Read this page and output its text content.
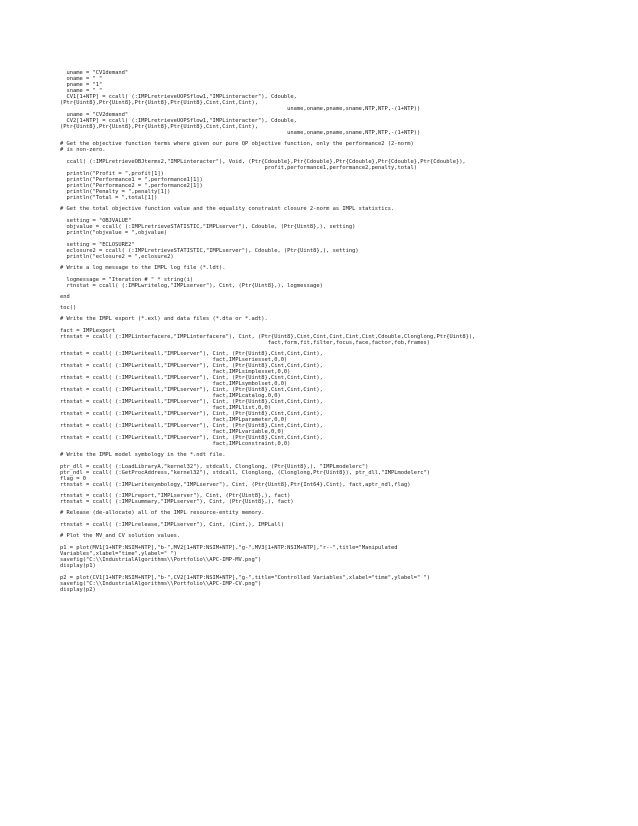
uname = "CV1demand"
oname = " "
pname = "1"
sname = " "
CV1[1+NTP] = ccall( (:IMPLretrieveUOPSflow1,"IMPLinteracter"), Cdouble,
(Ptr{Uint8},Ptr{Uint8},Ptr{Uint8},Ptr{Uint8},Cint,Cint,Cint),
uname,oname,pname,sname,NTP,NTP,-(1+NTP))
uname = "CV2demand"
CV2[1+NTP] = ccall( (:IMPLretrieveUOPSflow1,"IMPLinteracter"), Cdouble,
(Ptr{Uint8},Ptr{Uint8},Ptr{Uint8},Ptr{Uint8},Cint,Cint,Cint),
uname,oname,pname,sname,NTP,NTP,-(1+NTP))
# Get the objective function terms where given our pure QP objective function, only the performance2 (2-norm)
# is non-zero.
ccall( (:IMPLretrieveOBJterms2,"IMPLinteracter"), Void, (Ptr{Cdouble},Ptr{Cdouble},Ptr{Cdouble},Ptr{Cdouble},Ptr{Cdouble}),
profit,performance1,performance2,penalty,total)
println("Profit = ",profit[1])
println("Performance1 = ",performance1[1])
println("Performance2 = ",performance2[1])
println("Penalty = ",penalty[1])
println("Total = ",total[1])
# Get the total objective function value and the equality constraint closure 2-norm as IMPL statistics.
setting = "OBJVALUE"
objvalue = ccall( (:IMPLretrieveSTATISTIC,"IMPLserver"), Cdouble, (Ptr{Uint8},), setting)
println("objvalue = ",objvalue)
setting = "ECLOSURE2"
eclosure2 = ccall( (:IMPLretrieveSTATISTIC,"IMPLserver"), Cdouble, (Ptr{Uint8},), setting)
println("eclosure2 = ",eclosure2)
# Write a log message to the IMPL log file (*.ldt).
logmessage = "Iteration # " * string(i)
rtnstat = ccall( (:IMPLwritelog,"IMPLserver"), Cint, (Ptr{Uint8},), logmessage)
end
toc()
# Write the IMPL export (*.exl) and data files (*.dta or *.adt).
fact = IMPLexport
rtnstat = ccall( (:IMPLinterfacere,"IMPLinterfacere"), Cint, (Ptr{Uint8},Cint,Cint,Cint,Cint,Cint,Cdouble,Clonglong,Ptr{Uint8}),
fact,form,fit,filter,focus,face,factor,fob,frames)
rtnstat = ccall( (:IMPLwriteall,"IMPLserver"), Cint, (Ptr{Uint8},Cint,Cint,Cint),
fact,IMPLseriesset,0,0)
rtnstat = ccall( (:IMPLwriteall,"IMPLserver"), Cint, (Ptr{Uint8},Cint,Cint,Cint),
fact,IMPLsimplesset,0,0)
rtnstat = ccall( (:IMPLwriteall,"IMPLserver"), Cint, (Ptr{Uint8},Cint,Cint,Cint),
fact,IMPLsymbolset,0,0)
rtnstat = ccall( (:IMPLwriteall,"IMPLserver"), Cint, (Ptr{Uint8},Cint,Cint,Cint),
fact,IMPLcatalog,0,0)
rtnstat = ccall( (:IMPLwriteall,"IMPLserver"), Cint, (Ptr{Uint8},Cint,Cint,Cint),
fact,IMPLlist,0,0)
rtnstat = ccall( (:IMPLwriteall,"IMPLserver"), Cint, (Ptr{Uint8},Cint,Cint,Cint),
fact,IMPLparameter,0,0)
rtnstat = ccall( (:IMPLwriteall,"IMPLserver"), Cint, (Ptr{Uint8},Cint,Cint,Cint),
fact,IMPLvariable,0,0)
rtnstat = ccall( (:IMPLwriteall,"IMPLserver"), Cint, (Ptr{Uint8},Cint,Cint,Cint),
fact,IMPLconstraint,0,0)
# Write the IMPL model symbology in the *.ndt file.
ptr_dll = ccall( (:LoadLibraryA,"kernel32"), stdcall, Clonglong, (Ptr{Uint8},), "IMPLmodelerc")
ptr_ndl = ccall( (:GetProcAddress,"kernel32"), stdcall, Clonglong, (Clonglong,Ptr{Uint8}), ptr_dll,"IMPLmodelerc")
flag = 0
rtnstat = ccall( (:IMPLwritesymbology,"IMPLserver"), Cint, (Ptr{Uint8},Ptr{Int64},Cint), fact,aptr_ndl,flag)
rtnstat = ccall( (:IMPLreport,"IMPLserver"), Cint, (Ptr{Uint8},), fact)
rtnstat = ccall( (:IMPLsummary,"IMPLserver"), Cint, (Ptr{Uint8},), fact)
# Release (de-allocate) all of the IMPL resource-entity memory.
rtnstat = ccall( (:IMPLrelease,"IMPLserver"), Cint, (Cint,), IMPLall)
# Plot the MV and CV solution values.
p1 = plot(MV1[1+NTP:NSIM+NTP],"b-",MV2[1+NTP:NSIM+NTP],"g-",MV3[1+NTP:NSIM+NTP],"r--",title="Manipulated
Variables",xlabel="time",ylabel=" ")
savefig("C:\\IndustrialAlgorithms\\Portfolio\\APC-IMP-MV.png")
display(p1)
p2 = plot(CV1[1+NTP:NSIM+NTP],"b-",CV2[1+NTP:NSIM+NTP],"g-",title="Controlled Variables",xlabel="time",ylabel=" ")
savefig("C:\\IndustrialAlgorithms\\Portfolio\\APC-IMP-CV.png")
display(p2)
